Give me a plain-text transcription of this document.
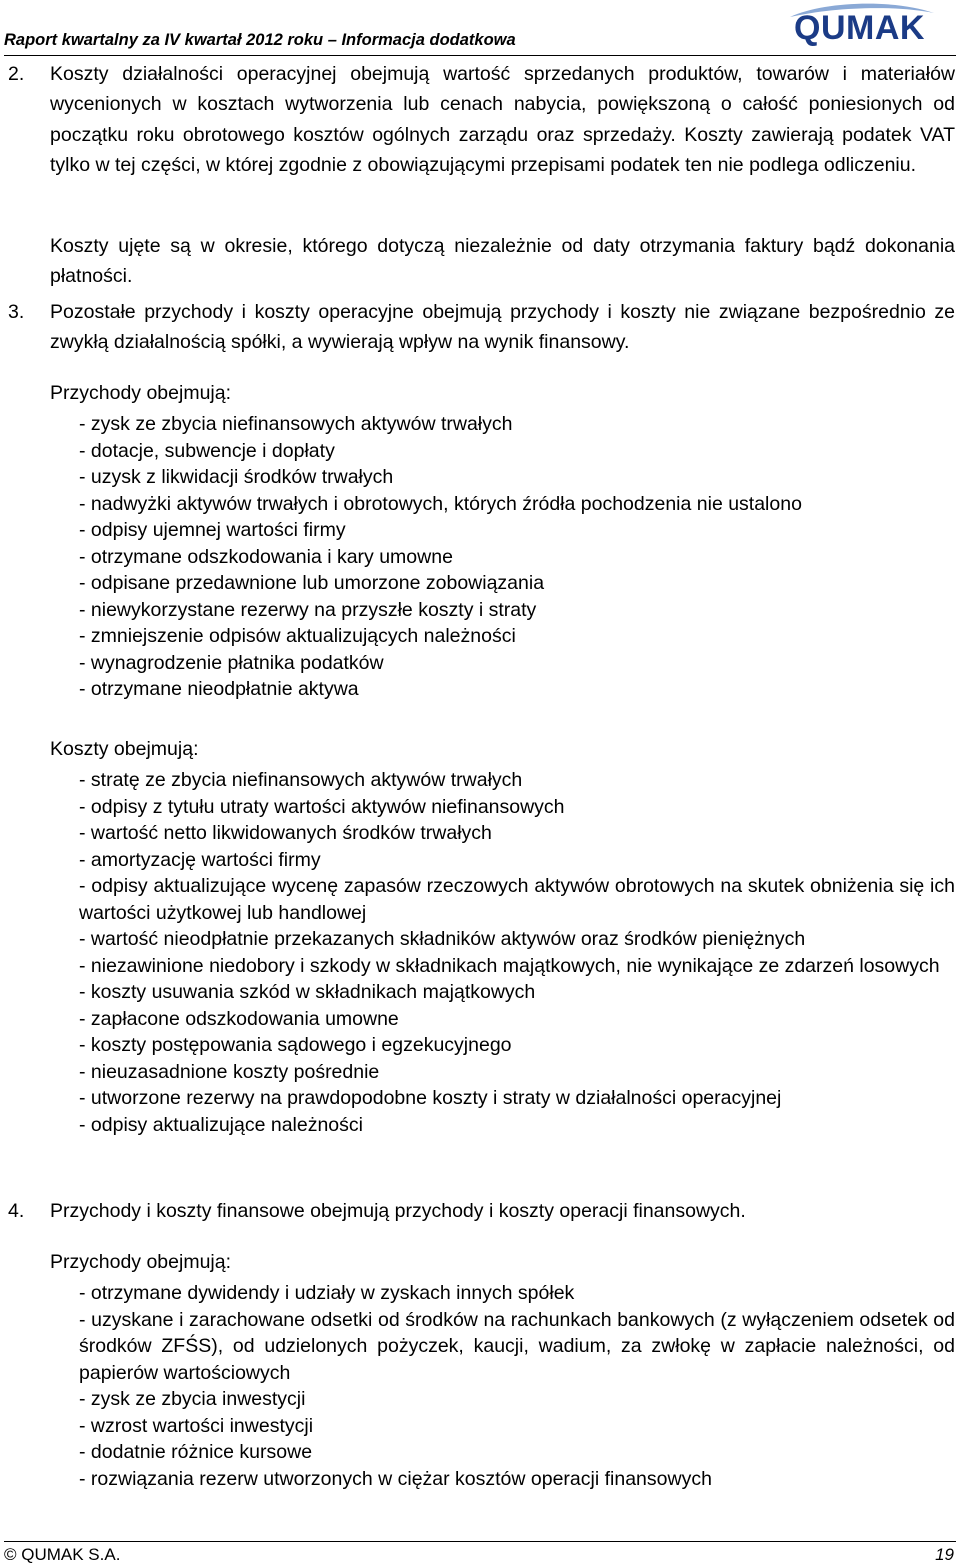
Raport kwartalny za IV kwartał 2012 roku – Informacja dodatkowa	QUMAK
2. Koszty działalności operacyjnej obejmują wartość sprzedanych produktów, towarów i materiałów wycenionych w kosztach wytworzenia lub cenach nabycia, powiększoną o całość poniesionych od początku roku obrotowego kosztów ogólnych zarządu oraz sprzedaży. Koszty zawierają podatek VAT tylko w tej części, w której zgodnie z obowiązującymi przepisami podatek ten nie podlega odliczeniu.
Koszty ujęte są w okresie, którego dotyczą niezależnie od daty otrzymania faktury bądź dokonania płatności.
3. Pozostałe przychody i koszty operacyjne obejmują przychody i koszty nie związane bezpośrednio ze zwykłą działalnością spółki, a wywierają wpływ na wynik finansowy.
Przychody obejmują:
- zysk ze zbycia niefinansowych aktywów trwałych
- dotacje, subwencje i dopłaty
- uzysk z likwidacji środków trwałych
- nadwyżki aktywów trwałych i obrotowych, których źródła pochodzenia nie ustalono
- odpisy ujemnej wartości firmy
- otrzymane odszkodowania i kary umowne
- odpisane przedawnione lub umorzone zobowiązania
- niewykorzystane rezerwy na przyszłe koszty i straty
- zmniejszenie odpisów aktualizujących należności
- wynagrodzenie płatnika podatków
- otrzymane nieodpłatnie aktywa
Koszty obejmują:
- stratę ze zbycia niefinansowych aktywów trwałych
- odpisy z tytułu utraty wartości aktywów niefinansowych
- wartość netto likwidowanych środków trwałych
- amortyzację wartości firmy
- odpisy aktualizujące wycenę zapasów rzeczowych aktywów obrotowych na skutek obniżenia się ich wartości użytkowej lub handlowej
- wartość nieodpłatnie przekazanych składników aktywów oraz środków pieniężnych
- niezawinione niedobory i szkody w składnikach majątkowych, nie wynikające ze zdarzeń losowych
- koszty usuwania szkód w składnikach majątkowych
- zapłacone odszkodowania umowne
- koszty postępowania sądowego i egzekucyjnego
- nieuzasadnione koszty pośrednie
- utworzone rezerwy na prawdopodobne koszty i straty w działalności operacyjnej
- odpisy aktualizujące należności
4. Przychody i koszty finansowe obejmują przychody i koszty operacji finansowych.
Przychody obejmują:
- otrzymane dywidendy i udziały w zyskach innych spółek
- uzyskane i zarachowane odsetki od środków na rachunkach bankowych (z wyłączeniem odsetek od środków ZFŚS), od udzielonych pożyczek, kaucji, wadium, za zwłokę w zapłacie należności, od papierów wartościowych
- zysk ze zbycia inwestycji
- wzrost wartości inwestycji
- dodatnie różnice kursowe
- rozwiązania rezerw utworzonych w ciężar kosztów operacji finansowych
© QUMAK S.A.	19
